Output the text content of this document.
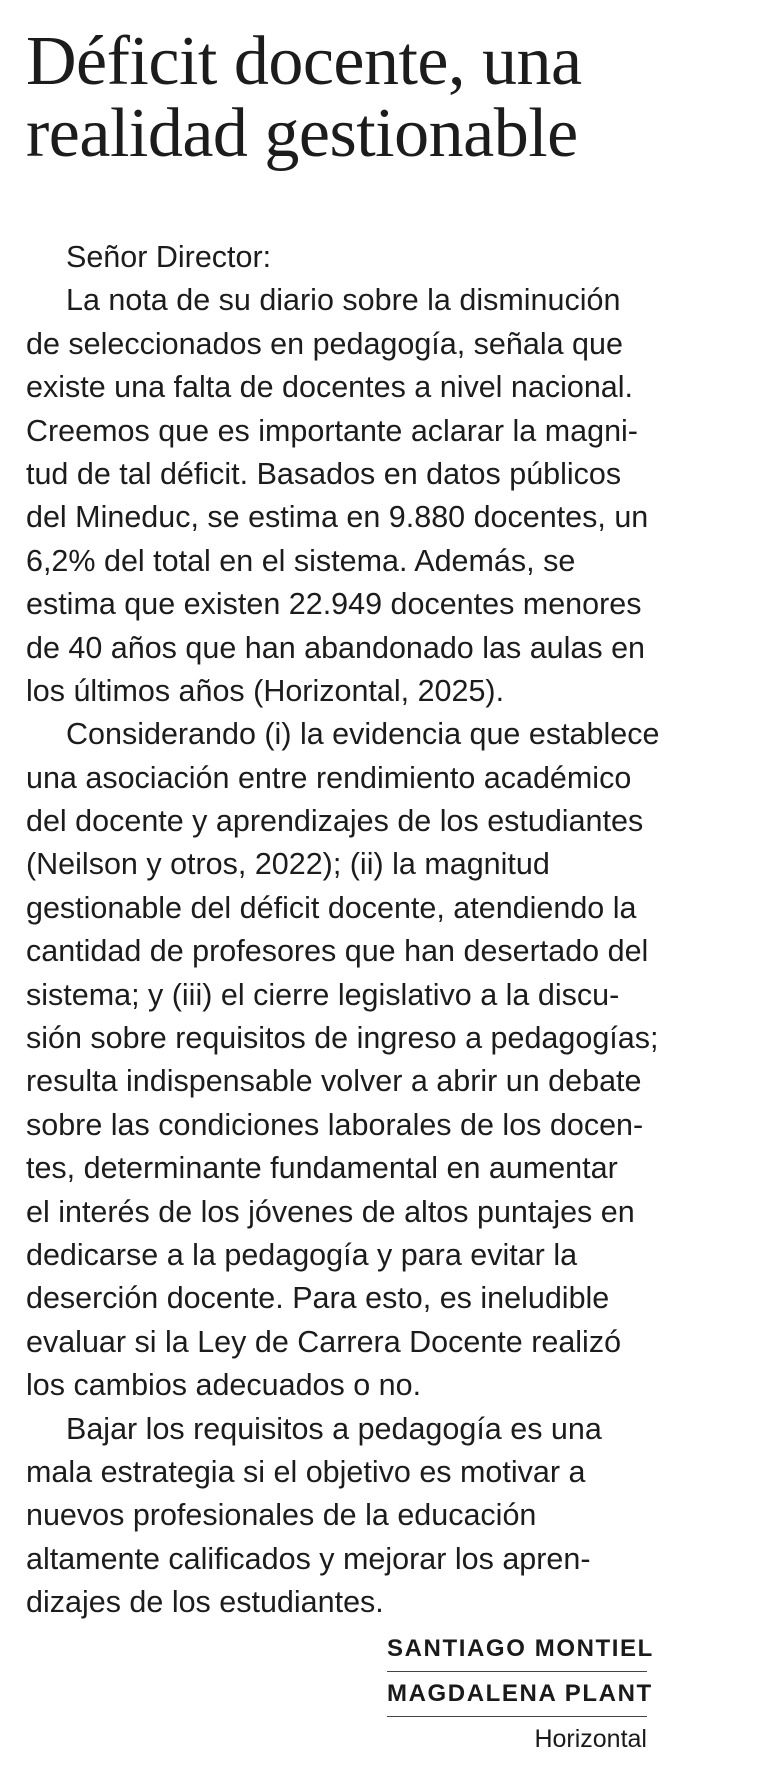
Déficit docente, una
realidad gestionable
Señor Director:
La nota de su diario sobre la disminución
de seleccionados en pedagogía, señala que
existe una falta de docentes a nivel nacional.
Creemos que es importante aclarar la magni-
tud de tal déficit. Basados en datos públicos
del Mineduc, se estima en 9.880 docentes, un
6,2% del total en el sistema. Además, se
estima que existen 22.949 docentes menores
de 40 años que han abandonado las aulas en
los últimos años (Horizontal, 2025).
Considerando (i) la evidencia que establece
una asociación entre rendimiento académico
del docente y aprendizajes de los estudiantes
(Neilson y otros, 2022); (ii) la magnitud
gestionable del déficit docente, atendiendo la
cantidad de profesores que han desertado del
sistema; y (iii) el cierre legislativo a la discu-
sión sobre requisitos de ingreso a pedagogías;
resulta indispensable volver a abrir un debate
sobre las condiciones laborales de los docen-
tes, determinante fundamental en aumentar
el interés de los jóvenes de altos puntajes en
dedicarse a la pedagogía y para evitar la
deserción docente. Para esto, es ineludible
evaluar si la Ley de Carrera Docente realizó
los cambios adecuados o no.
Bajar los requisitos a pedagogía es una
mala estrategia si el objetivo es motivar a
nuevos profesionales de la educación
altamente calificados y mejorar los apren-
dizajes de los estudiantes.
SANTIAGO MONTIEL
MAGDALENA PLANT
Horizontal
